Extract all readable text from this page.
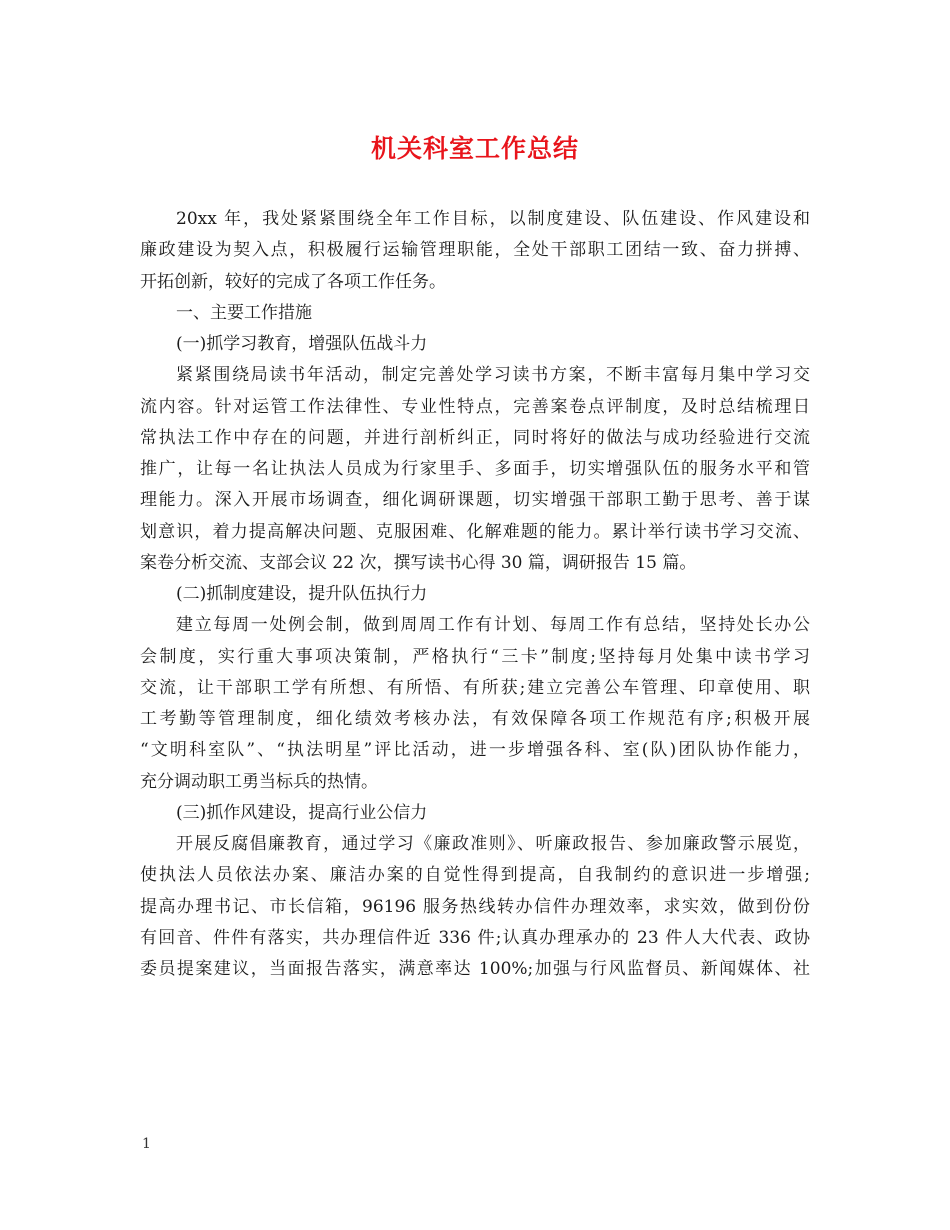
机关科室工作总结
20xx 年，我处紧紧围绕全年工作目标，以制度建设、队伍建设、作风建设和
廉政建设为契入点，积极履行运输管理职能，全处干部职工团结一致、奋力拼搏、
开拓创新，较好的完成了各项工作任务。
一、主要工作措施
(一)抓学习教育，增强队伍战斗力
紧紧围绕局读书年活动，制定完善处学习读书方案，不断丰富每月集中学习交
流内容。针对运管工作法律性、专业性特点，完善案卷点评制度，及时总结梳理日
常执法工作中存在的问题，并进行剖析纠正，同时将好的做法与成功经验进行交流
推广，让每一名让执法人员成为行家里手、多面手，切实增强队伍的服务水平和管
理能力。深入开展市场调查，细化调研课题，切实增强干部职工勤于思考、善于谋
划意识，着力提高解决问题、克服困难、化解难题的能力。累计举行读书学习交流、
案卷分析交流、支部会议 22 次，撰写读书心得 30 篇，调研报告 15 篇。
(二)抓制度建设，提升队伍执行力
建立每周一处例会制，做到周周工作有计划、每周工作有总结，坚持处长办公
会制度，实行重大事项决策制，严格执行“三卡”制度;坚持每月处集中读书学习
交流，让干部职工学有所想、有所悟、有所获;建立完善公车管理、印章使用、职
工考勤等管理制度，细化绩效考核办法，有效保障各项工作规范有序;积极开展
“文明科室队”、“执法明星”评比活动，进一步增强各科、室(队)团队协作能力，
充分调动职工勇当标兵的热情。
(三)抓作风建设，提高行业公信力
开展反腐倡廉教育，通过学习《廉政准则》、听廉政报告、参加廉政警示展览，
使执法人员依法办案、廉洁办案的自觉性得到提高，自我制约的意识进一步增强;
提高办理书记、市长信箱，96196 服务热线转办信件办理效率，求实效，做到份份
有回音、件件有落实，共办理信件近 336 件;认真办理承办的 23 件人大代表、政协
委员提案建议，当面报告落实，满意率达 100%;加强与行风监督员、新闻媒体、社
1
